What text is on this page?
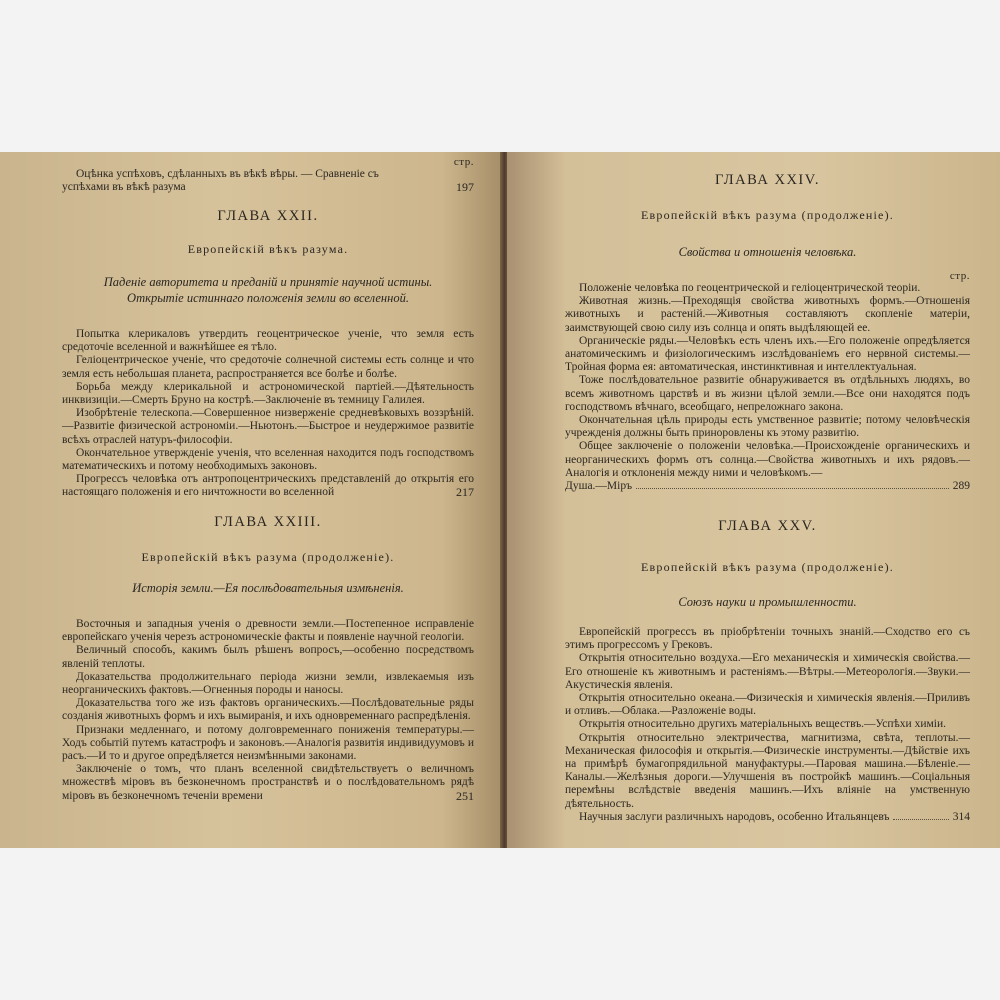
стр.

Оцѣнка успѣховъ, сдѣланныхъ въ вѣкѣ вѣры. — Сравненіе съ
успѣхами въ вѣкѣ разума	197

ГЛАВА XXII.

Европейскій вѣкъ разума.

Паденіе авторитета и преданій и принятіе научной истины.

Открытіе истиннаго положенія земли во вселенной.

Попытка клерикаловъ утвердить геоцентрическое ученіе, что земля есть средоточіе вселенной и важнѣйшее ея тѣло.

Геліоцентрическое ученіе, что средоточіе солнечной системы есть солнце и что земля есть небольшая планета, распространяется все болѣе и болѣе.

Борьба между клерикальной и астрономической партіей.—Дѣятельность инквизиціи.—Смерть Бруно на кострѣ.—Заключеніе въ темницу Галилея.

Изобрѣтеніе телескопа.—Совершенное низверженіе средневѣковыхъ воззрѣній.—Развитіе физической астрономіи.—Ньютонъ.—Быстрое и неудержимое развитіе всѣхъ отраслей натуръ-философіи.

Окончательное утвержденіе ученія, что вселенная находится подъ господствомъ математическихъ и потому необходимыхъ законовъ.

Прогрессъ человѣка отъ антропоцентрическихъ представленій до открытія его настоящаго положенія и его ничтожности во вселенной	217

ГЛАВА XXIII.

Европейскій вѣкъ разума (продолженіе).

Исторія земли.—Ея послѣдовательныя измѣненія.

Восточныя и западныя ученія о древности земли.—Постепенное исправленіе европейскаго ученія черезъ астрономическіе факты и появленіе научной геологіи.

Величный способъ, какимъ былъ рѣшенъ вопросъ,—особенно посредствомъ явленій теплоты.

Доказательства продолжительнаго періода жизни земли, извлекаемыя изъ неорганическихъ фактовъ.—Огненныя породы и наносы.

Доказательства того же изъ фактовъ органическихъ.—Послѣдовательные ряды созданія животныхъ формъ и ихъ вымиранія, и ихъ одновременнаго распредѣленія.

Признаки медленнаго, и потому долговременнаго пониженія температуры.—Ходъ событій путемъ катастрофъ и законовъ.—Аналогія развитія индивидуумовъ и расъ.—И то и другое опредѣляется неизмѣнными законами.

Заключеніе о томъ, что планъ вселенной свидѣтельствуетъ о величномъ множествѣ міровъ въ безконечномъ пространствѣ и о послѣдовательномъ рядѣ міровъ въ безконечномъ теченіи времени	251

ГЛАВА XXIV.

Европейскій вѣкъ разума (продолженіе).

Свойства и отношенія человѣка.

стр.

Положеніе человѣка по геоцентрической и геліоцентрической теоріи.

Животная жизнь.—Преходящія свойства животныхъ формъ.—Отношенія животныхъ и растеній.—Животныя составляютъ скопленіе матеріи, заимствующей свою силу изъ солнца и опять выдѣляющей ее.

Органическіе ряды.—Человѣкъ есть членъ ихъ.—Его положеніе опредѣляется анатомическимъ и физіологическимъ изслѣдованіемъ его нервной системы.—Тройная форма ея: автоматическая, инстинктивная и интеллектуальная.

Тоже послѣдовательное развитіе обнаруживается въ отдѣльныхъ людяхъ, во всемъ животномъ царствѣ и въ жизни цѣлой земли.—Все они находятся подъ господствомъ вѣчнаго, всеобщаго, непреложнаго закона.

Окончательная цѣль природы есть умственное развитіе; потому человѣческія учрежденія должны быть приноровлены къ этому развитію.

Общее заключеніе о положеніи человѣка.—Происхожденіе органическихъ и неорганическихъ формъ отъ солнца.—Свойства животныхъ и ихъ рядовъ.—Аналогія и отклоненія между ними и человѣкомъ.—

Душа.—Міръ	289

ГЛАВА XXV.

Европейскій вѣкъ разума (продолженіе).

Союзъ науки и промышленности.

Европейскій прогрессъ въ пріобрѣтеніи точныхъ знаній.—Сходство его съ этимъ прогрессомъ у Грековъ.

Открытія относительно воздуха.—Его механическія и химическія свойства.—Его отношеніе къ животнымъ и растеніямъ.—Вѣтры.—Метеорологія.—Звуки.—Акустическія явленія.

Открытія относительно океана.—Физическія и химическія явленія.—Приливъ и отливъ.—Облака.—Разложеніе воды.

Открытія относительно другихъ матеріальныхъ веществъ.—Успѣхи химіи.

Открытія относительно электричества, магнитизма, свѣта, теплоты.—Механическая философія и открытія.—Физическіе инструменты.—Дѣйствіе ихъ на примѣрѣ бумагопрядильной мануфактуры.—Паровая машина.—Бѣленіе.—Каналы.—Желѣзныя дороги.—Улучшенія въ постройкѣ машинъ.—Соціальныя перемѣны вслѣдствіе введенія машинъ.—Ихъ вліяніе на умственную дѣятельность.

Научныя заслуги различныхъ народовъ, особенно Итальянцевъ	314
